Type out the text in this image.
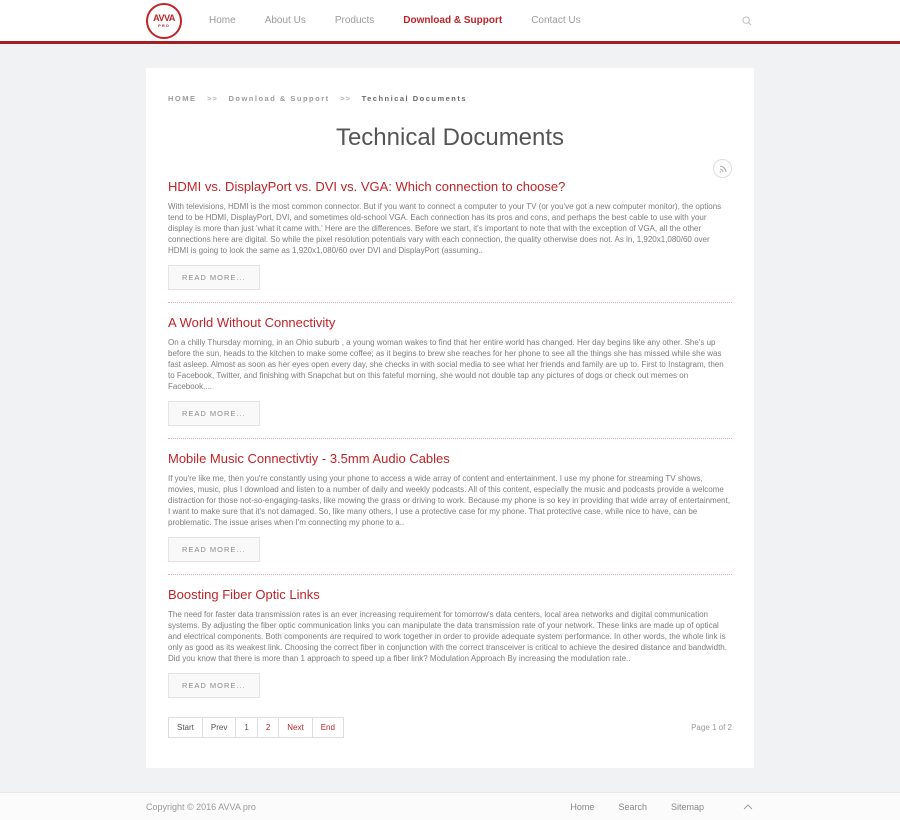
AVVA
PRO	Home	About Us	Products	Download & Support	Contact Us
HOME >> Download & Support >> Technical Documents
Technical Documents
HDMI vs. DisplayPort vs. DVI vs. VGA: Which connection to choose?

With televisions, HDMI is the most common connector. But if you want to connect a computer to your TV (or you've got a new computer monitor), the options tend to be HDMI, DisplayPort, DVI, and sometimes old-school VGA. Each connection has its pros and cons, and perhaps the best cable to use with your display is more than just 'what it came with.' Here are the differences. Before we start, it's important to note that with the exception of VGA, all the other connections here are digital. So while the pixel resolution potentials vary with each connection, the quality otherwise does not. As in, 1,920x1,080/60 over HDMI is going to look the same as 1,920x1,080/60 over DVI and DisplayPort (assuming..

READ MORE...
A World Without Connectivity

On a chilly Thursday morning, in an Ohio suburb , a young woman wakes to find that her entire world has changed. Her day begins like any other. She's up before the sun, heads to the kitchen to make some coffee; as it begins to brew she reaches for her phone to see all the things she has missed while she was fast asleep. Almost as soon as her eyes open every day, she checks in with social media to see what her friends and family are up to. First to Instagram, then to Facebook, Twitter, and finishing with Snapchat but on this fateful morning, she would not double tap any pictures of dogs or check out memes on Facebook....

READ MORE...
Mobile Music Connectivtiy - 3.5mm Audio Cables

If you're like me, then you're constantly using your phone to access a wide array of content and entertainment. I use my phone for streaming TV shows, movies, music, plus I download and listen to a number of daily and weekly podcasts. All of this content, especially the music and podcasts provide a welcome distraction for those not-so-engaging-tasks, like mowing the grass or driving to work. Because my phone is so key in providing that wide array of entertainment, I want to make sure that it's not damaged. So, like many others, I use a protective case for my phone. That protective case, while nice to have, can be problematic. The issue arises when I'm connecting my phone to a..

READ MORE...
Boosting Fiber Optic Links

The need for faster data transmission rates is an ever increasing requirement for tomorrow's data centers, local area networks and digital communication systems. By adjusting the fiber optic communication links you can manipulate the data transmission rate of your network. These links are made up of optical and electrical components. Both components are required to work together in order to provide adequate system performance. In other words, the whole link is only as good as its weakest link. Choosing the correct fiber in conjunction with the correct transceiver is critical to achieve the desired distance and bandwidth. Did you know that there is more than 1 approach to speed up a fiber link? Modulation Approach By increasing the modulation rate..

READ MORE...
Start	Prev	1	2	Next	End	Page 1 of 2
Copyright © 2016 AVVA pro	Home	Search	Sitemap
